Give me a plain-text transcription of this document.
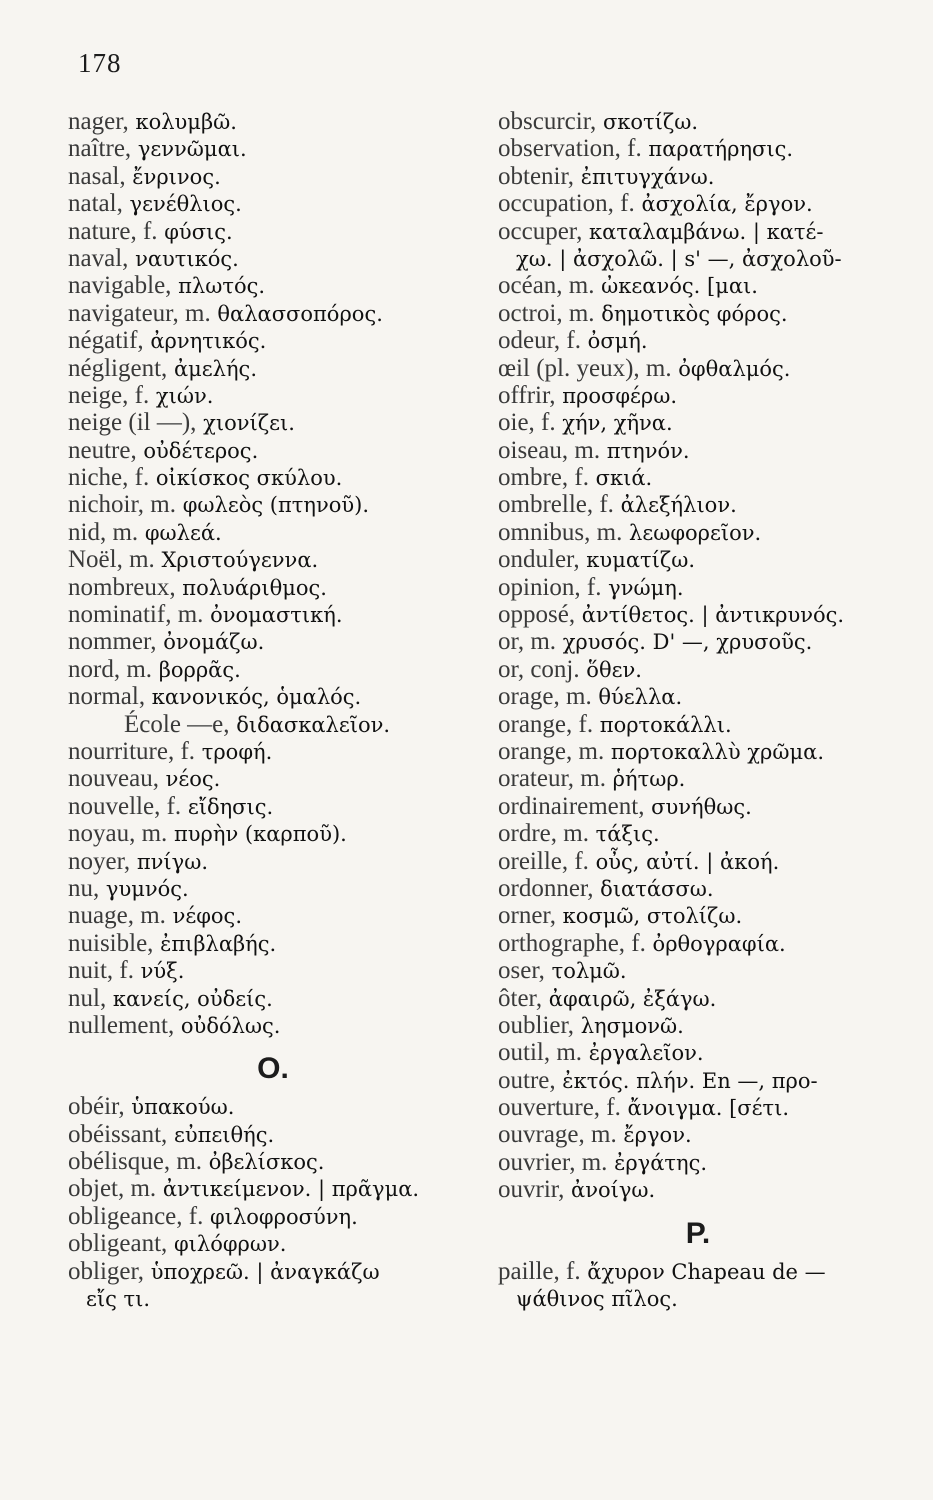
178
nager, κολυμβῶ.
naître, γεννῶμαι.
nasal, ἔνρινος.
natal, γενέθλιος.
nature, f. φύσις.
naval, ναυτικός.
navigable, πλωτός.
navigateur, m. θαλασσοπόρος.
négatif, ἀρνητικός.
négligent, ἀμελής.
neige, f. χιών.
neige (il —), χιονίζει.
neutre, οὐδέτερος.
niche, f. οἰκίσκος σκύλου.
nichoir, m. φωλεὸς (πτηνοῦ).
nid, m. φωλεά.
Noël, m. Χριστούγεννα.
nombreux, πολυάριθμος.
nominatif, m. ὀνομαστική.
nommer, ὀνομάζω.
nord, m. βορρᾶς.
normal, κανονικός, ὁμαλός.
École —e, διδασκαλεῖον.
nourriture, f. τροφή.
nouveau, νέος.
nouvelle, f. εἴδησις.
noyau, m. πυρὴν (καρποῦ).
noyer, πνίγω.
nu, γυμνός.
nuage, m. νέφος.
nuisible, ἐπιβλαβής.
nuit, f. νύξ.
nul, κανείς, οὐδείς.
nullement, οὐδόλως.
O.
obéir, ὑπακούω.
obéissant, εὐπειθής.
obélisque, m. ὀβελίσκος.
objet, m. ἀντικείμενον. | πρᾶγμα.
obligeance, f. φιλοφροσύνη.
obligeant, φιλόφρων.
obliger, ὑποχρεῶ. | ἀναγκάζω
εἴς τι.
obscurcir, σκοτίζω.
observation, f. παρατήρησις.
obtenir, ἐπιτυγχάνω.
occupation, f. ἀσχολία, ἔργον.
occuper, καταλαμβάνω. | κατέ-
χω. | ἀσχολῶ. | s' —, ἀσχολοῦ-
océan, m. ὠκεανός. [μαι.
octroi, m. δημοτικὸς φόρος.
odeur, f. ὀσμή.
œil (pl. yeux), m. ὀφθαλμός.
offrir, προσφέρω.
oie, f. χήν, χῆνα.
oiseau, m. πτηνόν.
ombre, f. σκιά.
ombrelle, f. ἀλεξήλιον.
omnibus, m. λεωφορεῖον.
onduler, κυματίζω.
opinion, f. γνώμη.
opposé, ἀντίθετος. | ἀντικρυνός.
or, m. χρυσός. D' —, χρυσοῦς.
or, conj. ὅθεν.
orage, m. θύελλα.
orange, f. πορτοκάλλι.
orange, m. πορτοκαλλὺ χρῶμα.
orateur, m. ῥήτωρ.
ordinairement, συνήθως.
ordre, m. τάξις.
oreille, f. οὖς, αὐτί. | ἀκοή.
ordonner, διατάσσω.
orner, κοσμῶ, στολίζω.
orthographe, f. ὀρθογραφία.
oser, τολμῶ.
ôter, ἀφαιρῶ, ἐξάγω.
oublier, λησμονῶ.
outil, m. ἐργαλεῖον.
outre, ἐκτός. πλήν. En —, προ-
ouverture, f. ἄνοιγμα. [σέτι.
ouvrage, m. ἔργον.
ouvrier, m. ἐργάτης.
ouvrir, ἀνοίγω.
P.
paille, f. ἄχυρον Chapeau de —
ψάθινος πῖλος.
